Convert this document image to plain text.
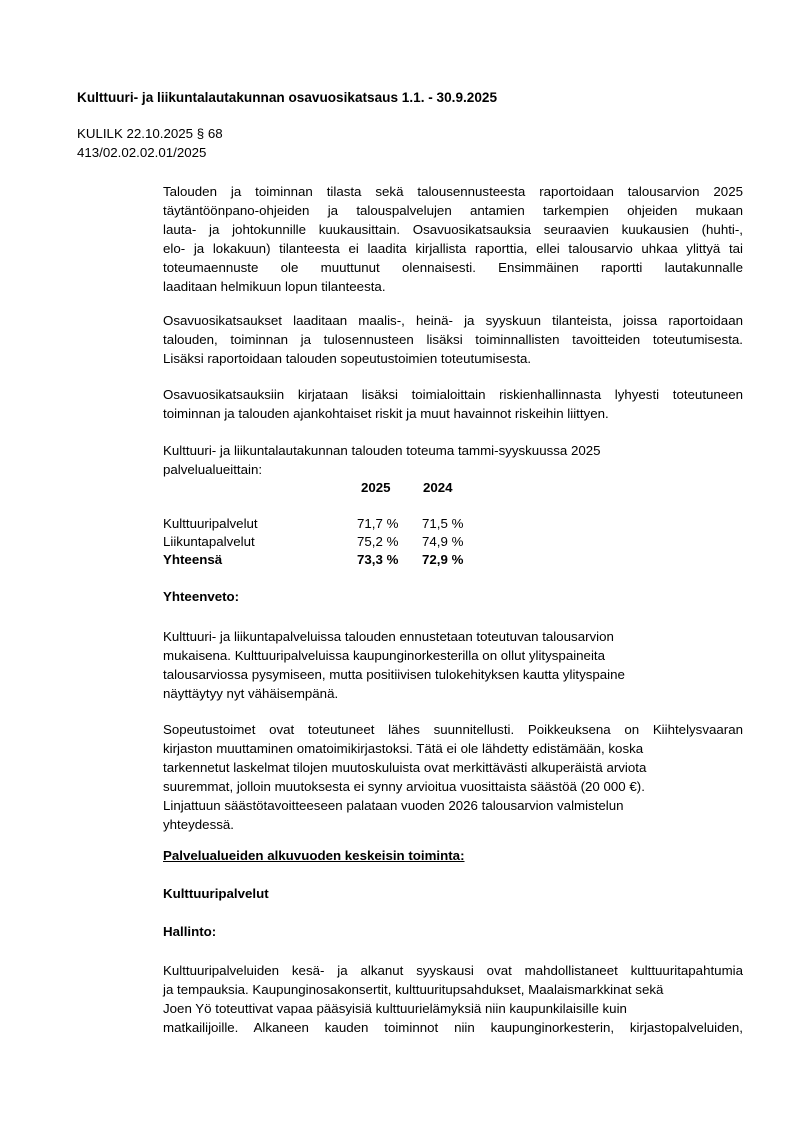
Kulttuuri- ja liikuntalautakunnan osavuosikatsaus 1.1. - 30.9.2025
KULILK 22.10.2025 § 68
413/02.02.02.01/2025
Talouden ja toiminnan tilasta sekä talousennusteesta raportoidaan talousarvion 2025
täytäntöönpano-ohjeiden ja talouspalvelujen antamien tarkempien ohjeiden mukaan
lauta- ja johtokunnille kuukausittain. Osavuosikatsauksia seuraavien kuukausien (huhti-,
elo- ja lokakuun) tilanteesta ei laadita kirjallista raporttia, ellei talousarvio uhkaa ylittyä tai
toteumaennuste ole muuttunut olennaisesti. Ensimmäinen raportti lautakunnalle
laaditaan helmikuun lopun tilanteesta.
Osavuosikatsaukset laaditaan maalis-, heinä- ja syyskuun tilanteista, joissa raportoidaan
talouden, toiminnan ja tulosennusteen lisäksi toiminnallisten tavoitteiden toteutumisesta.
Lisäksi raportoidaan talouden sopeutustoimien toteutumisesta.
Osavuosikatsauksiin kirjataan lisäksi toimialoittain riskienhallinnasta lyhyesti toteutuneen
toiminnan ja talouden ajankohtaiset riskit ja muut havainnot riskeihin liittyen.
Kulttuuri- ja liikuntalautakunnan talouden toteuma tammi-syyskuussa 2025
palvelualueittain:
2025 2024
Kulttuuripalvelut	71,7 % 71,5 %
Liikuntapalvelut	75,2 % 74,9 %
Yhteensä	73,3 % 72,9 %
Yhteenveto:
Kulttuuri- ja liikuntapalveluissa talouden ennustetaan toteutuvan talousarvion
mukaisena. Kulttuuripalveluissa kaupunginorkesterilla on ollut ylityspaineita
talousarviossa pysymiseen, mutta positiivisen tulokehityksen kautta ylityspaine
näyttäytyy nyt vähäisempänä.
Sopeutustoimet ovat toteutuneet lähes suunnitellusti. Poikkeuksena on Kiihtelysvaaran
kirjaston muuttaminen omatoimikirjastoksi. Tätä ei ole lähdetty edistämään, koska
tarkennetut laskelmat tilojen muutoskuluista ovat merkittävästi alkuperäistä arviota
suuremmat, jolloin muutoksesta ei synny arvioitua vuosittaista säästöä (20 000 €).
Linjattuun säästötavoitteeseen palataan vuoden 2026 talousarvion valmistelun
yhteydessä.
Palvelualueiden alkuvuoden keskeisin toiminta:
Kulttuuripalvelut
Hallinto:
Kulttuuripalveluiden kesä- ja alkanut syyskausi ovat mahdollistaneet kulttuuritapahtumia
ja tempauksia. Kaupunginosakonsertit, kulttuuritupsahdukset, Maalaismarkkinat sekä
Joen Yö toteuttivat vapaa pääsyisiä kulttuurielämyksiä niin kaupunkilaisille kuin
matkailijoille. Alkaneen kauden toiminnot niin kaupunginorkesterin, kirjastopalveluiden,
